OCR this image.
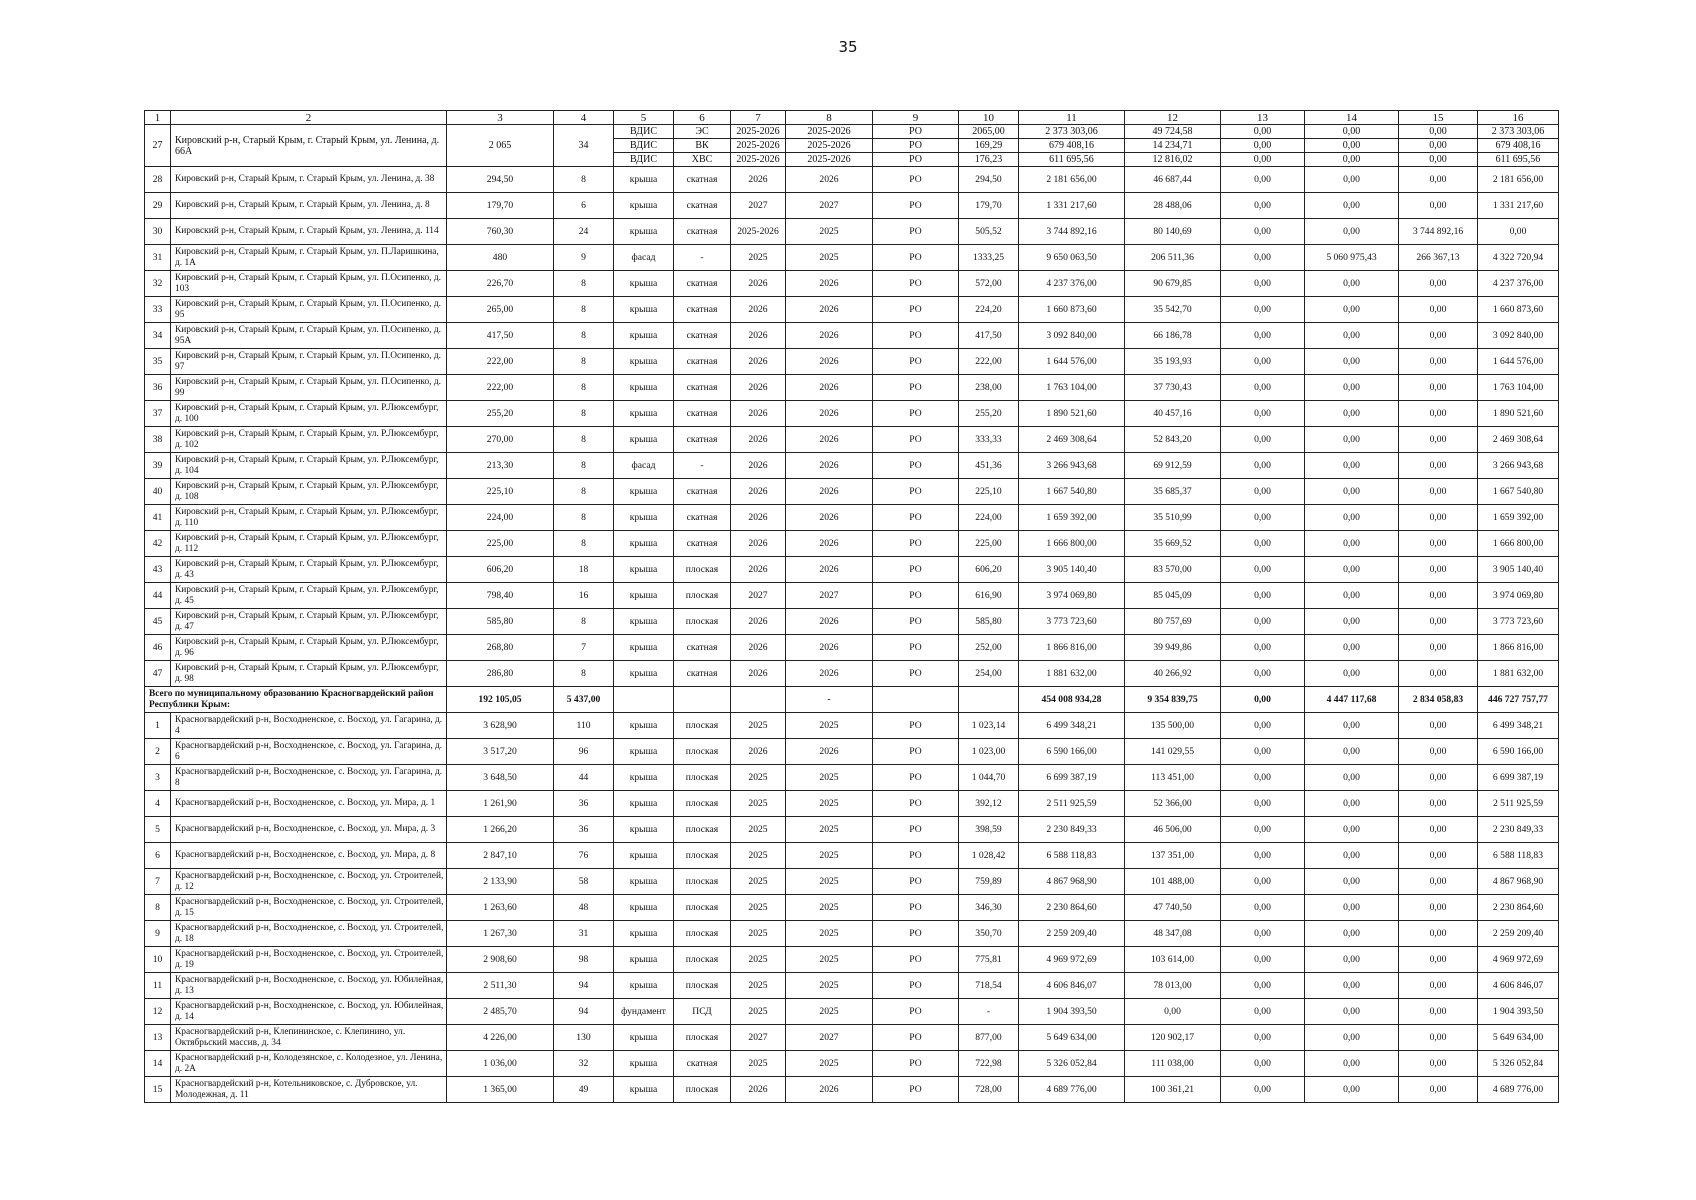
35
1	2	3	4	5	6	7	8	9	10	11	12	13	14	15	16
27	Кировский р-н, Старый Крым, г. Старый Крым, ул. Ленина, д. 66А	2 065	34	ВДИС	ЭС	2025-2026	2025-2026	РО	2065,00	2 373 303,06	49 724,58	0,00	0,00	0,00	2 373 303,06
				ВДИС	ВК	2025-2026	2025-2026	РО	169,29	679 408,16	14 234,71	0,00	0,00	0,00	679 408,16
				ВДИС	ХВС	2025-2026	2025-2026	РО	176,23	611 695,56	12 816,02	0,00	0,00	0,00	611 695,56
28	Кировский р-н, Старый Крым, г. Старый Крым, ул. Ленина, д. 38	294,50	8	крыша	скатная	2026	2026	РО	294,50	2 181 656,00	46 687,44	0,00	0,00	0,00	2 181 656,00
29	Кировский р-н, Старый Крым, г. Старый Крым, ул. Ленина, д. 8	179,70	6	крыша	скатная	2027	2027	РО	179,70	1 331 217,60	28 488,06	0,00	0,00	0,00	1 331 217,60
30	Кировский р-н, Старый Крым, г. Старый Крым, ул. Ленина, д. 114	760,30	24	крыша	скатная	2025-2026	2025	РО	505,52	3 744 892,16	80 140,69	0,00	0,00	3 744 892,16	0,00
31	Кировский р-н, Старый Крым, г. Старый Крым, ул. П.Ларишкина, д. 1А	480	9	фасад	-	2025	2025	РО	1333,25	9 650 063,50	206 511,36	0,00	5 060 975,43	266 367,13	4 322 720,94
32	Кировский р-н, Старый Крым, г. Старый Крым, ул. П.Осипенко, д. 103	226,70	8	крыша	скатная	2026	2026	РО	572,00	4 237 376,00	90 679,85	0,00	0,00	0,00	4 237 376,00
33	Кировский р-н, Старый Крым, г. Старый Крым, ул. П.Осипенко, д. 95	265,00	8	крыша	скатная	2026	2026	РО	224,20	1 660 873,60	35 542,70	0,00	0,00	0,00	1 660 873,60
34	Кировский р-н, Старый Крым, г. Старый Крым, ул. П.Осипенко, д. 95А	417,50	8	крыша	скатная	2026	2026	РО	417,50	3 092 840,00	66 186,78	0,00	0,00	0,00	3 092 840,00
35	Кировский р-н, Старый Крым, г. Старый Крым, ул. П.Осипенко, д. 97	222,00	8	крыша	скатная	2026	2026	РО	222,00	1 644 576,00	35 193,93	0,00	0,00	0,00	1 644 576,00
36	Кировский р-н, Старый Крым, г. Старый Крым, ул. П.Осипенко, д. 99	222,00	8	крыша	скатная	2026	2026	РО	238,00	1 763 104,00	37 730,43	0,00	0,00	0,00	1 763 104,00
37	Кировский р-н, Старый Крым, г. Старый Крым, ул. Р.Люксембург, д. 100	255,20	8	крыша	скатная	2026	2026	РО	255,20	1 890 521,60	40 457,16	0,00	0,00	0,00	1 890 521,60
38	Кировский р-н, Старый Крым, г. Старый Крым, ул. Р.Люксембург, д. 102	270,00	8	крыша	скатная	2026	2026	РО	333,33	2 469 308,64	52 843,20	0,00	0,00	0,00	2 469 308,64
39	Кировский р-н, Старый Крым, г. Старый Крым, ул. Р.Люксембург, д. 104	213,30	8	фасад	-	2026	2026	РО	451,36	3 266 943,68	69 912,59	0,00	0,00	0,00	3 266 943,68
40	Кировский р-н, Старый Крым, г. Старый Крым, ул. Р.Люксембург, д. 108	225,10	8	крыша	скатная	2026	2026	РО	225,10	1 667 540,80	35 685,37	0,00	0,00	0,00	1 667 540,80
41	Кировский р-н, Старый Крым, г. Старый Крым, ул. Р.Люксембург, д. 110	224,00	8	крыша	скатная	2026	2026	РО	224,00	1 659 392,00	35 510,99	0,00	0,00	0,00	1 659 392,00
42	Кировский р-н, Старый Крым, г. Старый Крым, ул. Р.Люксембург, д. 112	225,00	8	крыша	скатная	2026	2026	РО	225,00	1 666 800,00	35 669,52	0,00	0,00	0,00	1 666 800,00
43	Кировский р-н, Старый Крым, г. Старый Крым, ул. Р.Люксембург, д. 43	606,20	18	крыша	плоская	2026	2026	РО	606,20	3 905 140,40	83 570,00	0,00	0,00	0,00	3 905 140,40
44	Кировский р-н, Старый Крым, г. Старый Крым, ул. Р.Люксембург, д. 45	798,40	16	крыша	плоская	2027	2027	РО	616,90	3 974 069,80	85 045,09	0,00	0,00	0,00	3 974 069,80
45	Кировский р-н, Старый Крым, г. Старый Крым, ул. Р.Люксембург, д. 47	585,80	8	крыша	плоская	2026	2026	РО	585,80	3 773 723,60	80 757,69	0,00	0,00	0,00	3 773 723,60
46	Кировский р-н, Старый Крым, г. Старый Крым, ул. Р.Люксембург, д. 96	268,80	7	крыша	скатная	2026	2026	РО	252,00	1 866 816,00	39 949,86	0,00	0,00	0,00	1 866 816,00
47	Кировский р-н, Старый Крым, г. Старый Крым, ул. Р.Люксембург, д. 98	286,80	8	крыша	скатная	2026	2026	РО	254,00	1 881 632,00	40 266,92	0,00	0,00	0,00	1 881 632,00
Всего по муниципальному образованию Красногвардейский район Республики Крым:		192 105,05	5 437,00				-			454 008 934,28	9 354 839,75	0,00	4 447 117,68	2 834 058,83	446 727 757,77
1	Красногвардейский р-н, Восходненское, с. Восход, ул. Гагарина, д. 4	3 628,90	110	крыша	плоская	2025	2025	РО	1 023,14	6 499 348,21	135 500,00	0,00	0,00	0,00	6 499 348,21
2	Красногвардейский р-н, Восходненское, с. Восход, ул. Гагарина, д. 6	3 517,20	96	крыша	плоская	2026	2026	РО	1 023,00	6 590 166,00	141 029,55	0,00	0,00	0,00	6 590 166,00
3	Красногвардейский р-н, Восходненское, с. Восход, ул. Гагарина, д. 8	3 648,50	44	крыша	плоская	2025	2025	РО	1 044,70	6 699 387,19	113 451,00	0,00	0,00	0,00	6 699 387,19
4	Красногвардейский р-н, Восходненское, с. Восход, ул. Мира, д. 1	1 261,90	36	крыша	плоская	2025	2025	РО	392,12	2 511 925,59	52 366,00	0,00	0,00	0,00	2 511 925,59
5	Красногвардейский р-н, Восходненское, с. Восход, ул. Мира, д. 3	1 266,20	36	крыша	плоская	2025	2025	РО	398,59	2 230 849,33	46 506,00	0,00	0,00	0,00	2 230 849,33
6	Красногвардейский р-н, Восходненское, с. Восход, ул. Мира, д. 8	2 847,10	76	крыша	плоская	2025	2025	РО	1 028,42	6 588 118,83	137 351,00	0,00	0,00	0,00	6 588 118,83
7	Красногвардейский р-н, Восходненское, с. Восход, ул. Строителей, д. 12	2 133,90	58	крыша	плоская	2025	2025	РО	759,89	4 867 968,90	101 488,00	0,00	0,00	0,00	4 867 968,90
8	Красногвардейский р-н, Восходненское, с. Восход, ул. Строителей, д. 15	1 263,60	48	крыша	плоская	2025	2025	РО	346,30	2 230 864,60	47 740,50	0,00	0,00	0,00	2 230 864,60
9	Красногвардейский р-н, Восходненское, с. Восход, ул. Строителей, д. 18	1 267,30	31	крыша	плоская	2025	2025	РО	350,70	2 259 209,40	48 347,08	0,00	0,00	0,00	2 259 209,40
10	Красногвардейский р-н, Восходненское, с. Восход, ул. Строителей, д. 19	2 908,60	98	крыша	плоская	2025	2025	РО	775,81	4 969 972,69	103 614,00	0,00	0,00	0,00	4 969 972,69
11	Красногвардейский р-н, Восходненское, с. Восход, ул. Юбилейная, д. 13	2 511,30	94	крыша	плоская	2025	2025	РО	718,54	4 606 846,07	78 013,00	0,00	0,00	0,00	4 606 846,07
12	Красногвардейский р-н, Восходненское, с. Восход, ул. Юбилейная, д. 14	2 485,70	94	фундамент	ПСД	2025	2025	РО	-	1 904 393,50	0,00	0,00	0,00	0,00	1 904 393,50
13	Красногвардейский р-н, Клепининское, с. Клепинино, ул. Октябрьский массив, д. 34	4 226,00	130	крыша	плоская	2027	2027	РО	877,00	5 649 634,00	120 902,17	0,00	0,00	0,00	5 649 634,00
14	Красногвардейский р-н, Колодезянское, с. Колодезное, ул. Ленина, д. 2А	1 036,00	32	крыша	скатная	2025	2025	РО	722,98	5 326 052,84	111 038,00	0,00	0,00	0,00	5 326 052,84
15	Красногвардейский р-н, Котельниковское, с. Дубровское, ул. Молодежная, д. 11	1 365,00	49	крыша	плоская	2026	2026	РО	728,00	4 689 776,00	100 361,21	0,00	0,00	0,00	4 689 776,00
